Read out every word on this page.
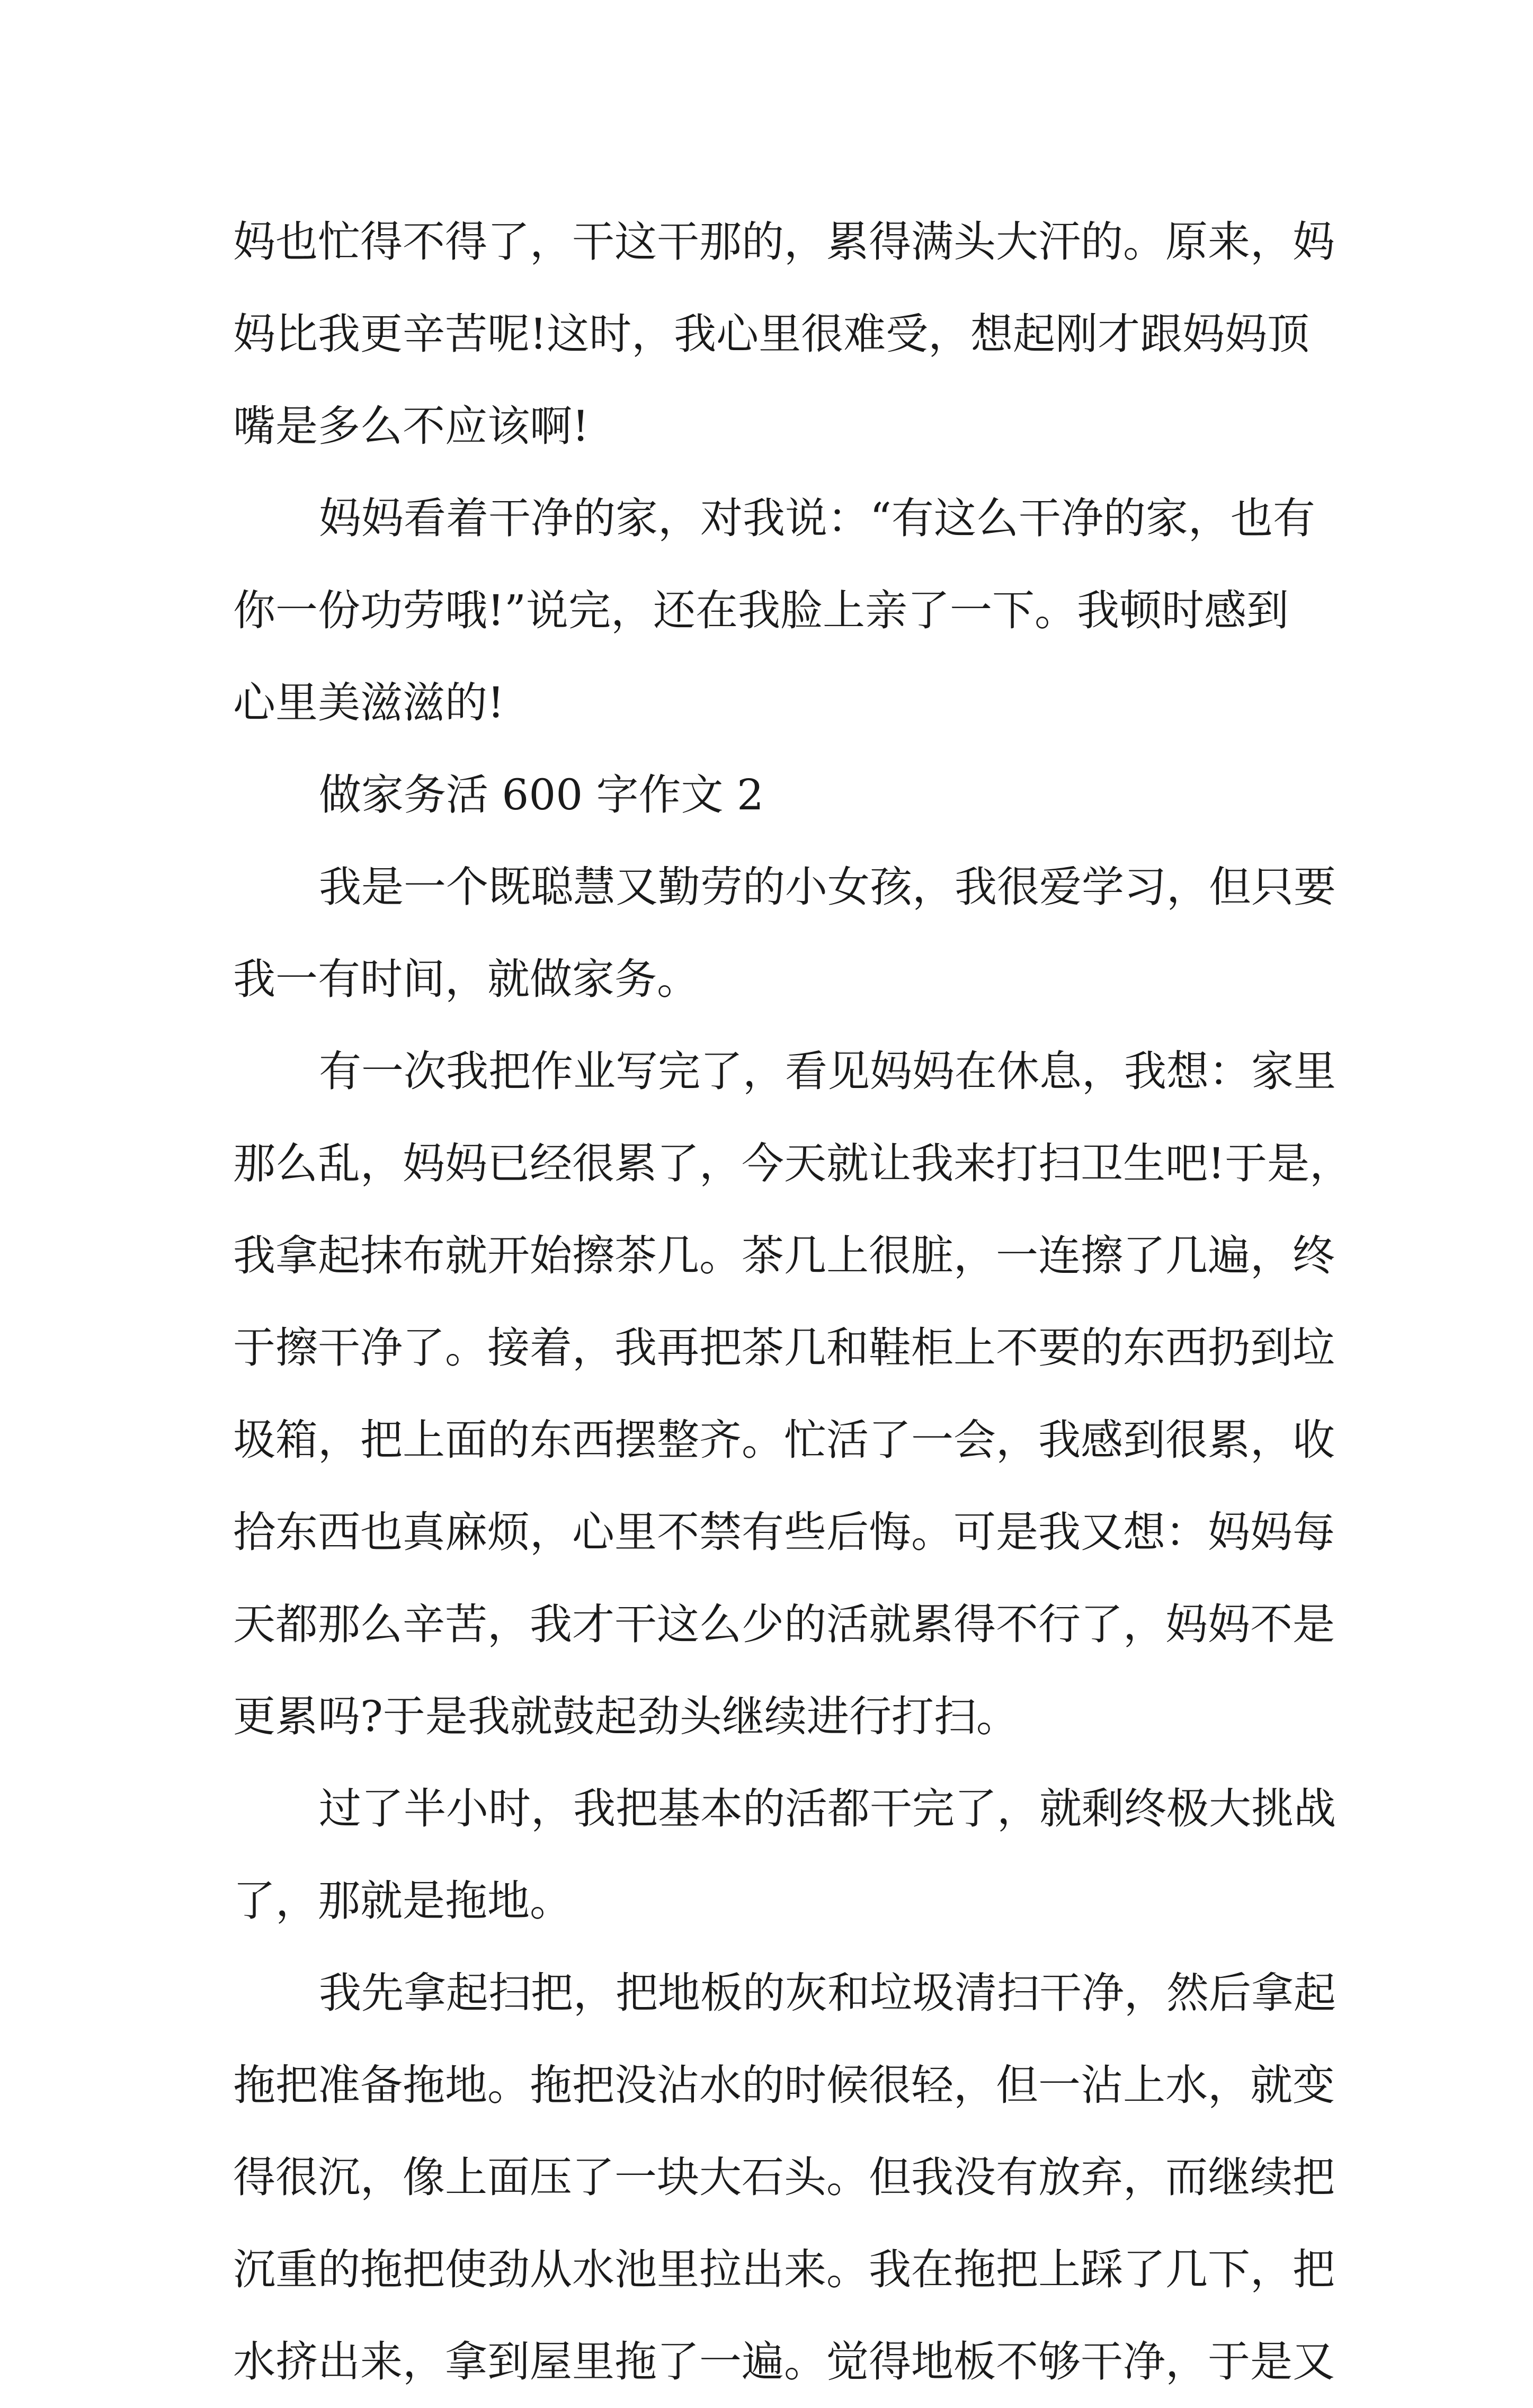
妈也忙得不得了，干这干那的，累得满头大汗的。原来，妈
妈比我更辛苦呢!这时，我心里很难受，想起刚才跟妈妈顶
嘴是多么不应该啊!
妈妈看着干净的家，对我说：“有这么干净的家，也有
你一份功劳哦!”说完，还在我脸上亲了一下。我顿时感到
心里美滋滋的!
做家务活 600 字作文 2
我是一个既聪慧又勤劳的小女孩，我很爱学习，但只要
我一有时间，就做家务。
有一次我把作业写完了，看见妈妈在休息，我想：家里
那么乱，妈妈已经很累了，今天就让我来打扫卫生吧!于是，
我拿起抹布就开始擦茶几。茶几上很脏，一连擦了几遍，终
于擦干净了。接着，我再把茶几和鞋柜上不要的东西扔到垃
圾箱，把上面的东西摆整齐。忙活了一会，我感到很累，收
拾东西也真麻烦，心里不禁有些后悔。可是我又想：妈妈每
天都那么辛苦，我才干这么少的活就累得不行了，妈妈不是
更累吗?于是我就鼓起劲头继续进行打扫。
过了半小时，我把基本的活都干完了，就剩终极大挑战
了，那就是拖地。
我先拿起扫把，把地板的灰和垃圾清扫干净，然后拿起
拖把准备拖地。拖把没沾水的时候很轻，但一沾上水，就变
得很沉，像上面压了一块大石头。但我没有放弃，而继续把
沉重的拖把使劲从水池里拉出来。我在拖把上踩了几下，把
水挤出来，拿到屋里拖了一遍。觉得地板不够干净，于是又
